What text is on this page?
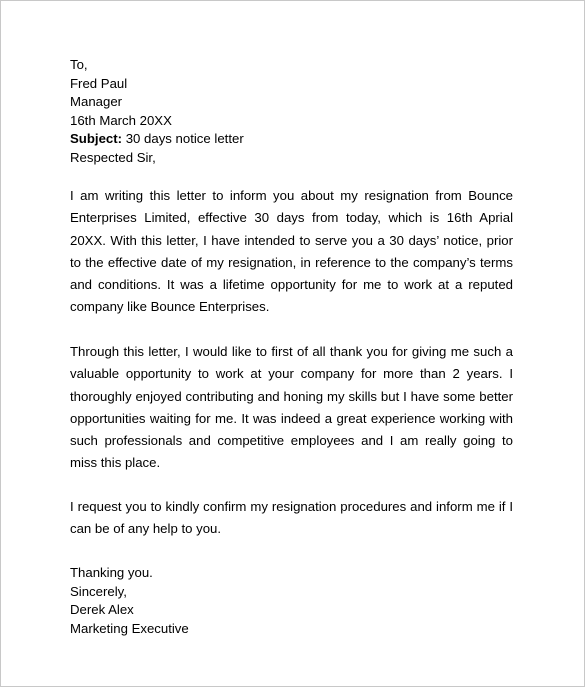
To,
Fred Paul
Manager
16th March 20XX
Subject: 30 days notice letter
Respected Sir,

I am writing this letter to inform you about my resignation from Bounce Enterprises Limited, effective 30 days from today, which is 16th Aprial 20XX. With this letter, I have intended to serve you a 30 days’ notice, prior to the effective date of my resignation, in reference to the company’s terms and conditions. It was a lifetime opportunity for me to work at a reputed company like Bounce Enterprises.

Through this letter, I would like to first of all thank you for giving me such a valuable opportunity to work at your company for more than 2 years. I thoroughly enjoyed contributing and honing my skills but I have some better opportunities waiting for me. It was indeed a great experience working with such professionals and competitive employees and I am really going to miss this place.

I request you to kindly confirm my resignation procedures and inform me if I can be of any help to you.

Thanking you.
Sincerely,
Derek Alex
Marketing Executive
